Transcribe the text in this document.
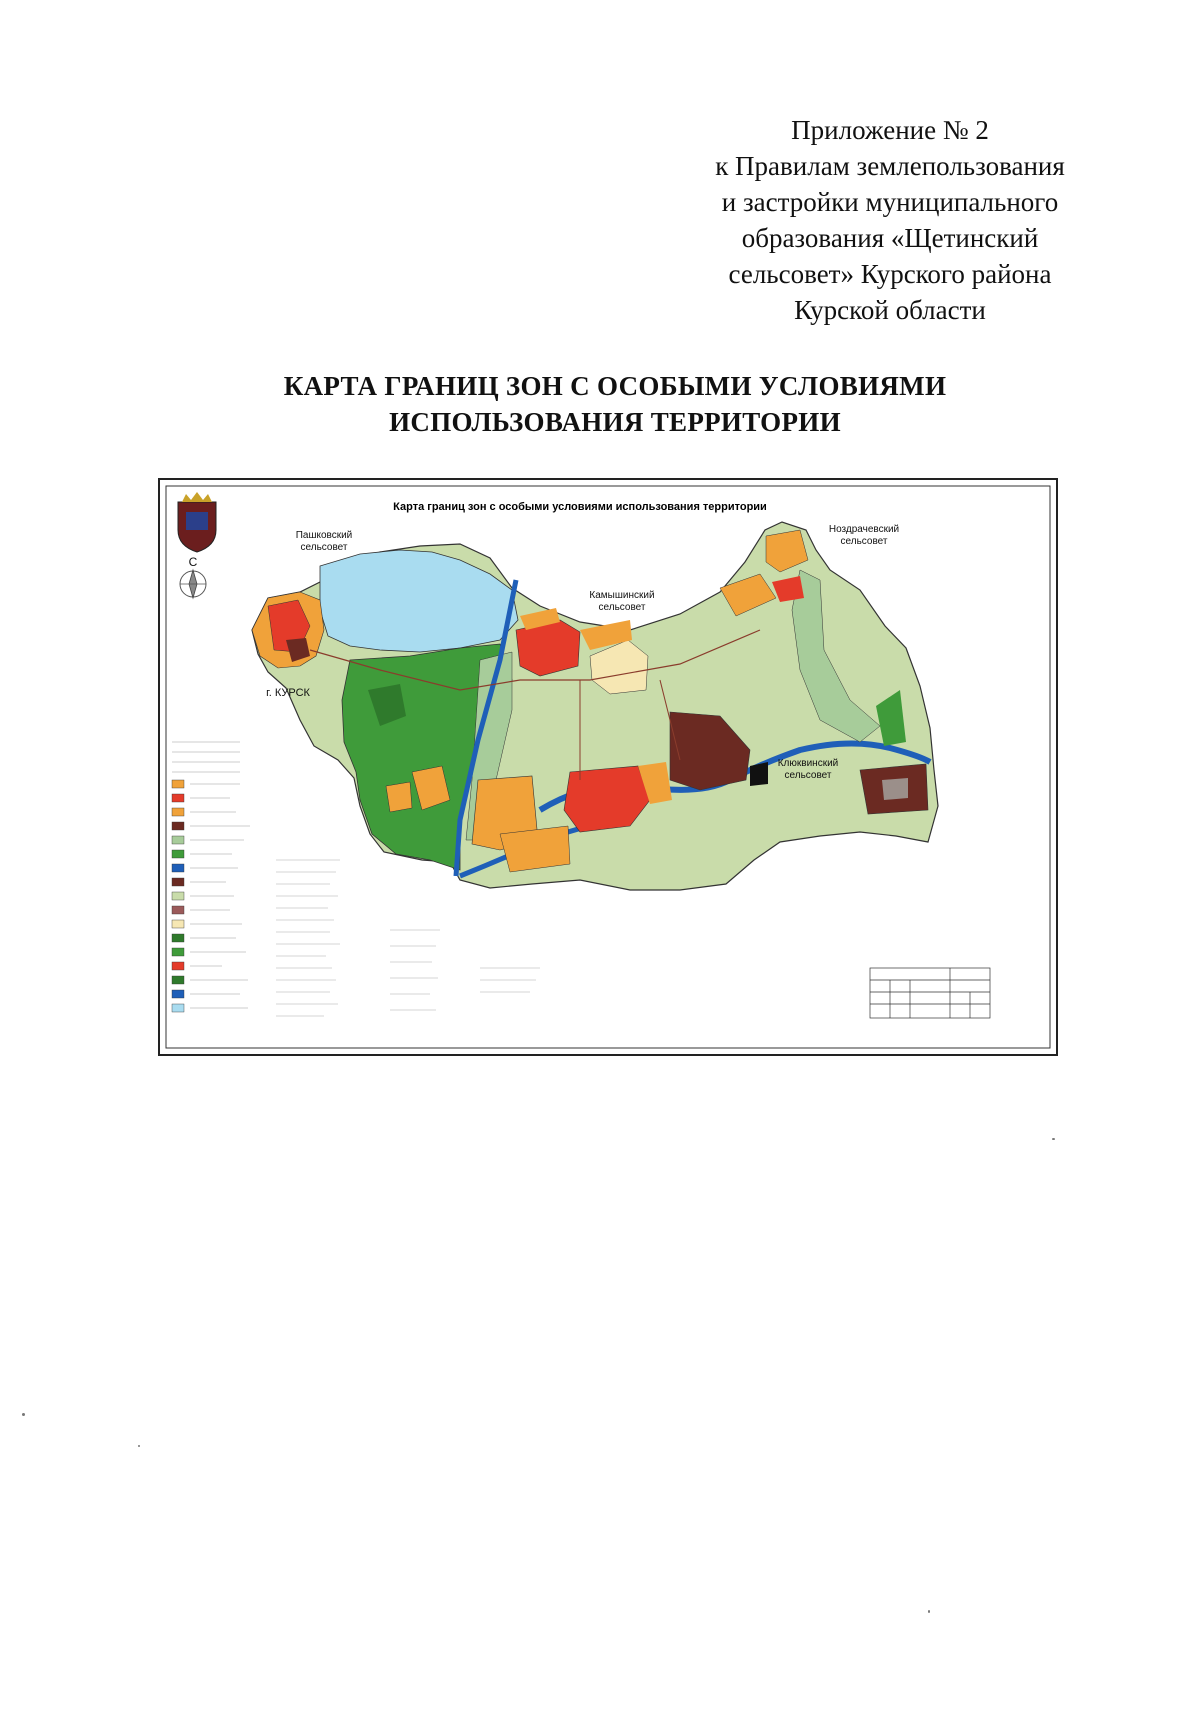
Приложение № 2
к Правилам землепользования
и застройки муниципального
образования «Щетинский
сельсовет» Курского района
Курской области
КАРТА ГРАНИЦ ЗОН С ОСОБЫМИ УСЛОВИЯМИ
ИСПОЛЬЗОВАНИЯ ТЕРРИТОРИИ
Карта границ зон с особыми условиями использования территории
С
Пашковский
сельсовет
г. КУРСК
Камышинский
сельсовет
Ноздрачевский
сельсовет
Клюквинский
сельсовет
